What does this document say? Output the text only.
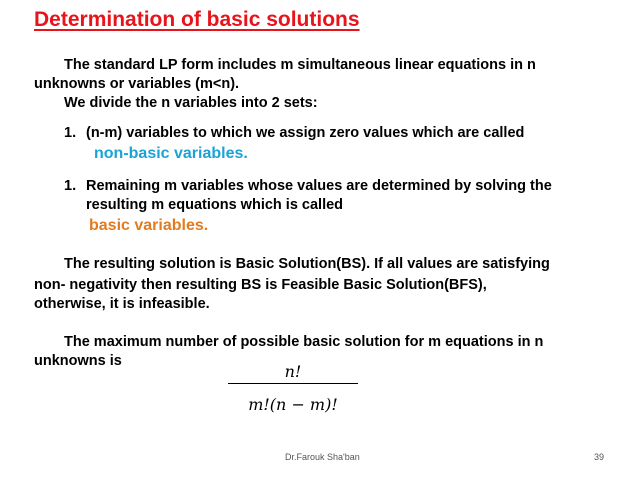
Determination of basic solutions
The standard LP form includes m simultaneous linear equations in n
unknowns or variables (m<n).
We divide the n variables into 2 sets:
1. (n-m) variables to which we assign zero values which are called
non-basic variables.
1. Remaining m variables whose values are determined by solving the
resulting m equations which is called
basic variables.
The resulting solution is Basic Solution(BS). If all values are satisfying
non- negativity then resulting BS is Feasible Basic Solution(BFS),
otherwise, it is infeasible.
The maximum number of possible basic solution for m equations in n
unknowns is
n!
m!(n − m)!
Dr.Farouk Sha'ban	39
